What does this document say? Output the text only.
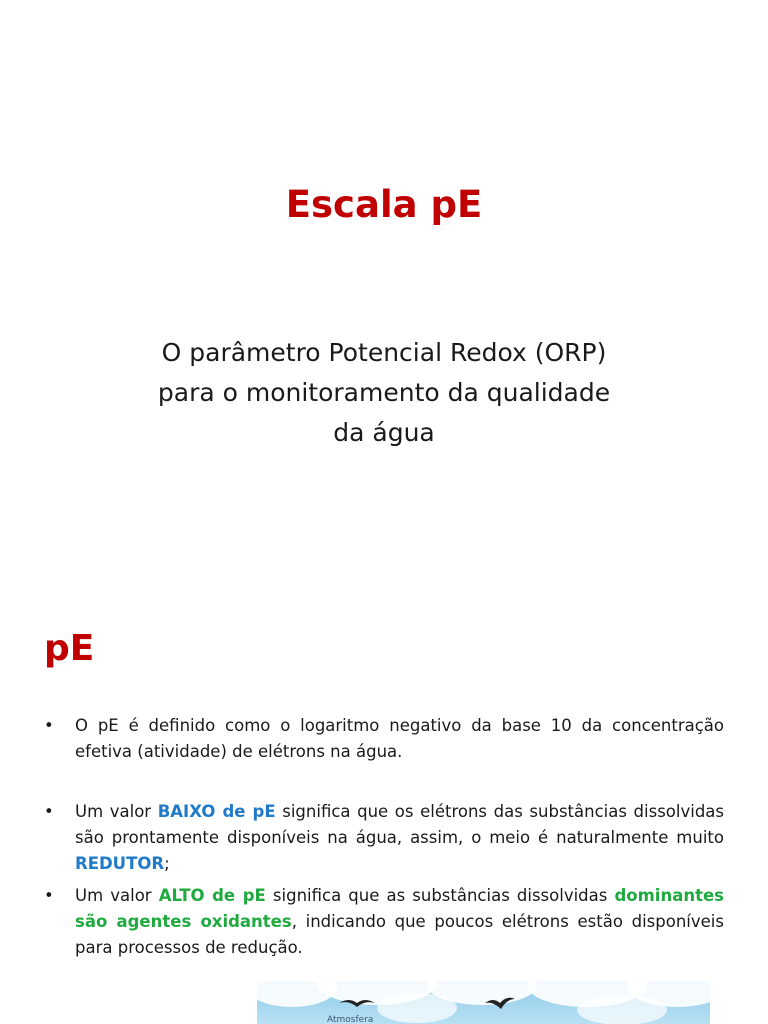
Escala pE
O parâmetro Potencial Redox (ORP)
para o monitoramento da qualidade
da água
pE
• O pE é definido como o logaritmo negativo da base 10 da concentração efetiva (atividade) de elétrons na água.
• Um valor BAIXO de pE significa que os elétrons das substâncias dissolvidas são prontamente disponíveis na água, assim, o meio é naturalmente muito REDUTOR;
• Um valor ALTO de pE significa que as substâncias dissolvidas dominantes são agentes oxidantes, indicando que poucos elétrons estão disponíveis para processos de redução.
Atmosfera
